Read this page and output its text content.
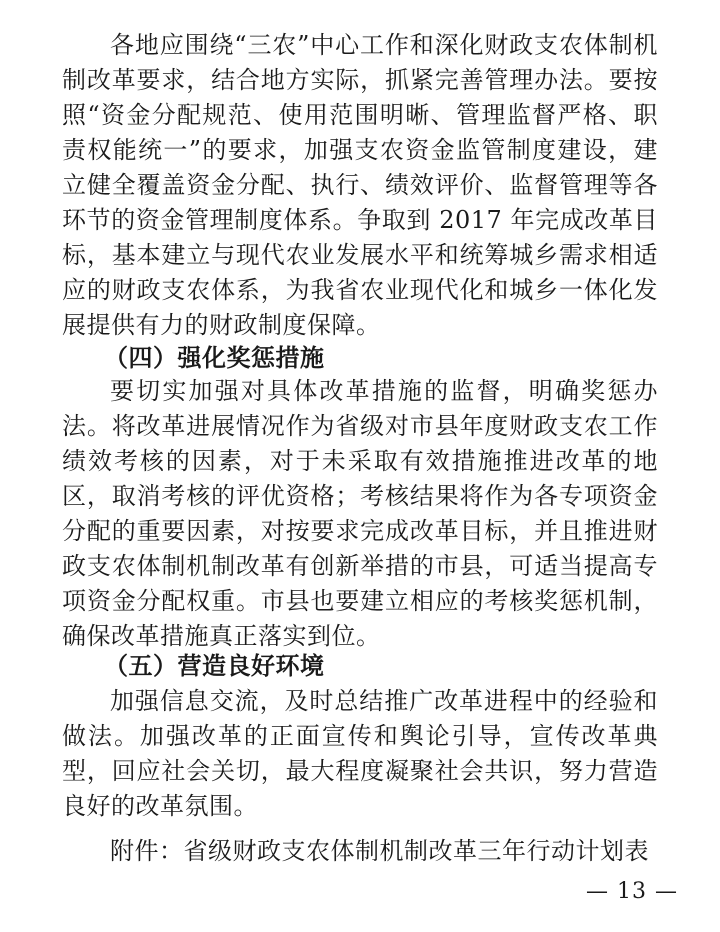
各地应围绕“三农”中心工作和深化财政支农体制机制改革要求，结合地方实际，抓紧完善管理办法。要按照“资金分配规范、使用范围明晰、管理监督严格、职责权能统一”的要求，加强支农资金监管制度建设，建立健全覆盖资金分配、执行、绩效评价、监督管理等各环节的资金管理制度体系。争取到 2017 年完成改革目标，基本建立与现代农业发展水平和统筹城乡需求相适应的财政支农体系，为我省农业现代化和城乡一体化发展提供有力的财政制度保障。

（四）强化奖惩措施

要切实加强对具体改革措施的监督，明确奖惩办法。将改革进展情况作为省级对市县年度财政支农工作绩效考核的因素，对于未采取有效措施推进改革的地区，取消考核的评优资格；考核结果将作为各专项资金分配的重要因素，对按要求完成改革目标，并且推进财政支农体制机制改革有创新举措的市县，可适当提高专项资金分配权重。市县也要建立相应的考核奖惩机制，确保改革措施真正落实到位。

（五）营造良好环境

加强信息交流，及时总结推广改革进程中的经验和做法。加强改革的正面宣传和舆论引导，宣传改革典型，回应社会关切，最大程度凝聚社会共识，努力营造良好的改革氛围。

附件：省级财政支农体制机制改革三年行动计划表

— 13 —
